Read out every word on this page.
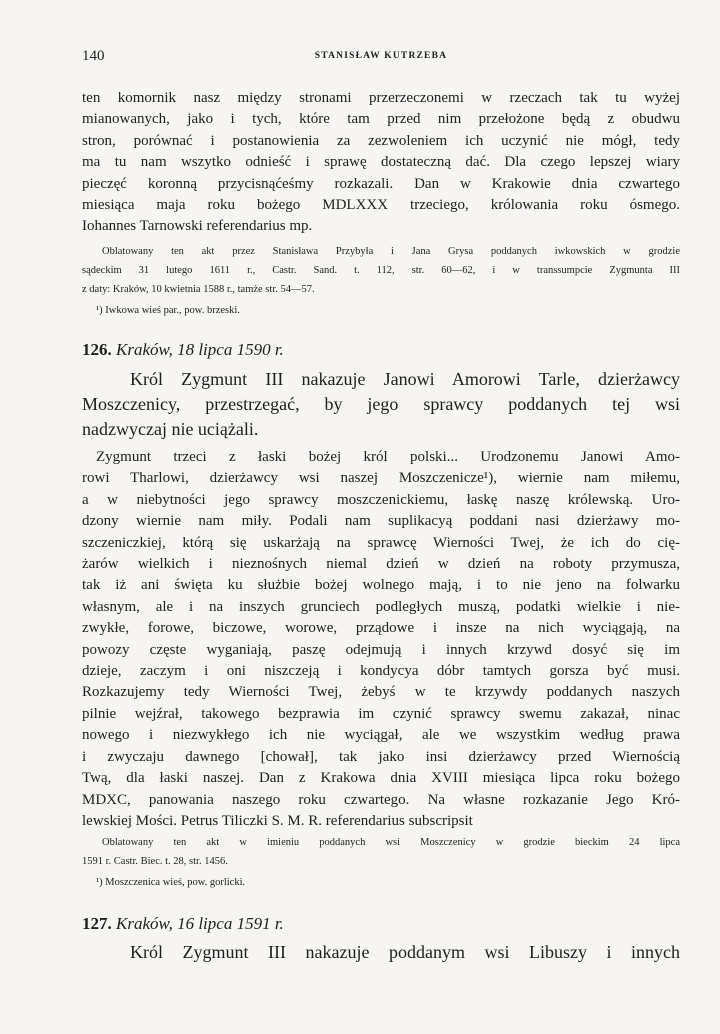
140	STANISŁAW KUTRZEBA
ten komornik nasz między stronami przerzeczonemi w rzeczach tak tu wyżej
mianowanych, jako i tych, które tam przed nim przełożone będą z obudwu
stron, porównać i postanowienia za zezwoleniem ich uczynić nie mógł, tedy
ma tu nam wszytko odnieść i sprawę dostateczną dać. Dla czego lepszej wiary
pieczęć koronną przycisnąćeśmy rozkazali. Dan w Krakowie dnia czwartego
miesiąca maja roku bożego MDLXXX trzeciego, królowania roku ósmego.
Iohannes Tarnowski referendarius mp.
Oblatowany ten akt przez Stanisława Przybyła i Jana Grysa poddanych iwkowskich w grodzie
sądeckim 31 lutego 1611 r., Castr. Sand. t. 112, str. 60—62, i w transsumpcie Zygmunta III
z daty: Kraków, 10 kwietnia 1588 r., tamże str. 54—57.
¹) Iwkowa wieś par., pow. brzeski.
126. Kraków, 18 lipca 1590 r.
Król Zygmunt III nakazuje Janowi Amorowi Tarle, dzierżawcy
Moszczenicy, przestrzegać, by jego sprawcy poddanych tej wsi
nadzwyczaj nie uciążali.
Zygmunt trzeci z łaski bożej król polski... Urodzonemu Janowi Amo-
rowi Tharlowi, dzierżawcy wsi naszej Moszczenicze¹), wiernie nam miłemu,
a w niebytności jego sprawcy moszczenickiemu, łaskę naszę królewską. Uro-
dzony wiernie nam miły. Podali nam suplikacyą poddani nasi dzierżawy mo-
szczeniczkiej, którą się uskarżają na sprawcę Wierności Twej, że ich do cię-
żarów wielkich i nieznośnych niemal dzień w dzień na roboty przymusza,
tak iż ani święta ku służbie bożej wolnego mają, i to nie jeno na folwarku
własnym, ale i na inszych grunciech podległych muszą, podatki wielkie i nie-
zwykłe, forowe, biczowe, worowe, prządowe i insze na nich wyciągają, na
powozy częste wyganiają, paszę odejmują i innych krzywd dosyć się im
dzieje, zaczym i oni niszczeją i kondycya dóbr tamtych gorsza być musi.
Rozkazujemy tedy Wierności Twej, żebyś w te krzywdy poddanych naszych
pilnie wejźrał, takowego bezprawia im czynić sprawcy swemu zakazał, ninac
nowego i niezwykłego ich nie wyciągał, ale we wszystkim według prawa
i zwyczaju dawnego [chował], tak jako insi dzierżawcy przed Wiernością
Twą, dla łaski naszej. Dan z Krakowa dnia XVIII miesiąca lipca roku bożego
MDXC, panowania naszego roku czwartego. Na własne rozkazanie Jego Kró-
lewskiej Mości. Petrus Tiliczki S. M. R. referendarius subscripsit
Oblatowany ten akt w imieniu poddanych wsi Moszczenicy w grodzie bieckim 24 lipca
1591 r. Castr. Biec. t. 28, str. 1456.
¹) Moszczenica wieś, pow. gorlicki.
127. Kraków, 16 lipca 1591 r.
Król Zygmunt III nakazuje poddanym wsi Libuszy i innych
